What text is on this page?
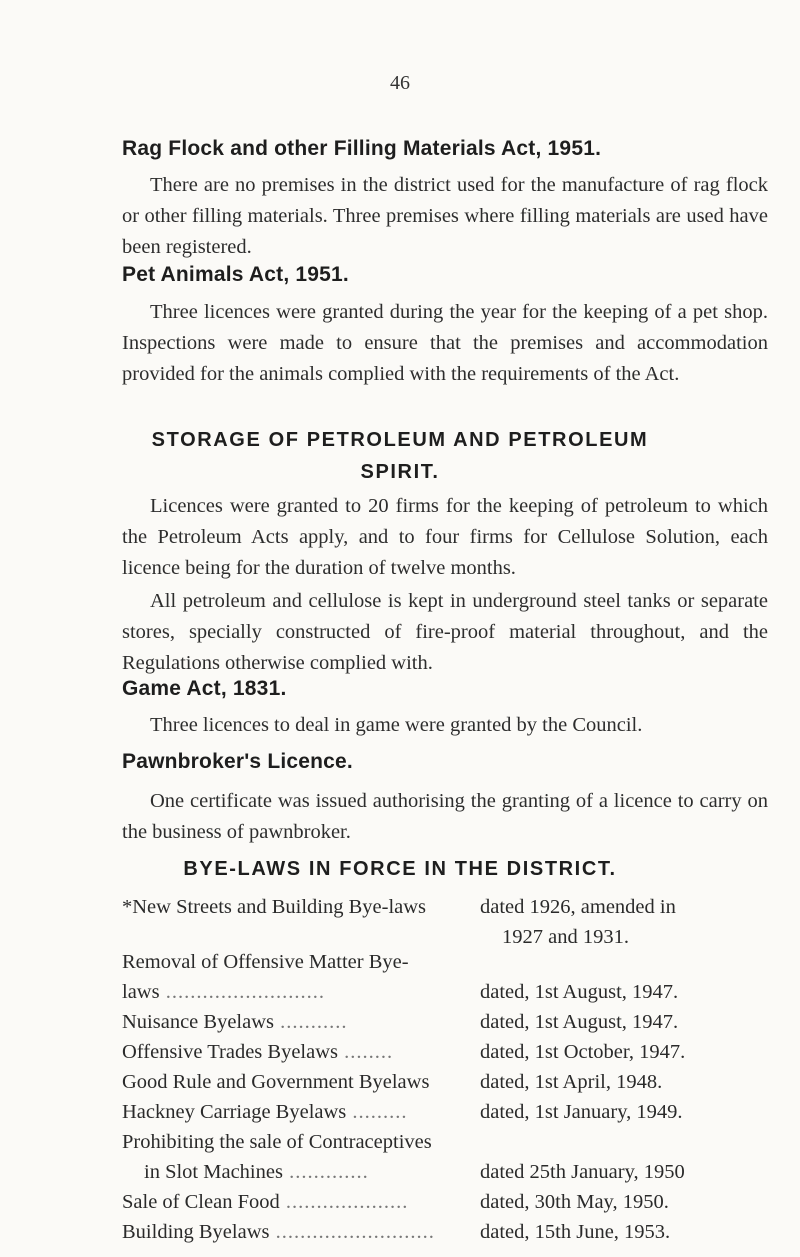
46
Rag Flock and other Filling Materials Act, 1951.
There are no premises in the district used for the manufacture of rag flock or other filling materials. Three premises where filling materials are used have been registered.
Pet Animals Act, 1951.
Three licences were granted during the year for the keeping of a pet shop. Inspections were made to ensure that the premises and accommodation provided for the animals complied with the requirements of the Act.
STORAGE OF PETROLEUM AND PETROLEUM
SPIRIT.
Licences were granted to 20 firms for the keeping of petroleum to which the Petroleum Acts apply, and to four firms for Cellulose Solution, each licence being for the duration of twelve months.
All petroleum and cellulose is kept in underground steel tanks or separate stores, specially constructed of fire-proof material throughout, and the Regulations otherwise complied with.
Game Act, 1831.
Three licences to deal in game were granted by the Council.
Pawnbroker's Licence.
One certificate was issued authorising the granting of a licence to carry on the business of pawnbroker.
BYE-LAWS IN FORCE IN THE DISTRICT.
*New Streets and Building Bye-laws	dated 1926, amended in
1927 and 1931.
Removal of Offensive Matter Bye-
laws ..........................	dated, 1st August, 1947.
Nuisance Byelaws ...........	dated, 1st August, 1947.
Offensive Trades Byelaws ........	dated, 1st October, 1947.
Good Rule and Government Byelaws	dated, 1st April, 1948.
Hackney Carriage Byelaws .........	dated, 1st January, 1949.
Prohibiting the sale of Contraceptives
in Slot Machines .............	dated 25th January, 1950
Sale of Clean Food ....................	dated, 30th May, 1950.
Building Byelaws ..........................	dated, 15th June, 1953.
